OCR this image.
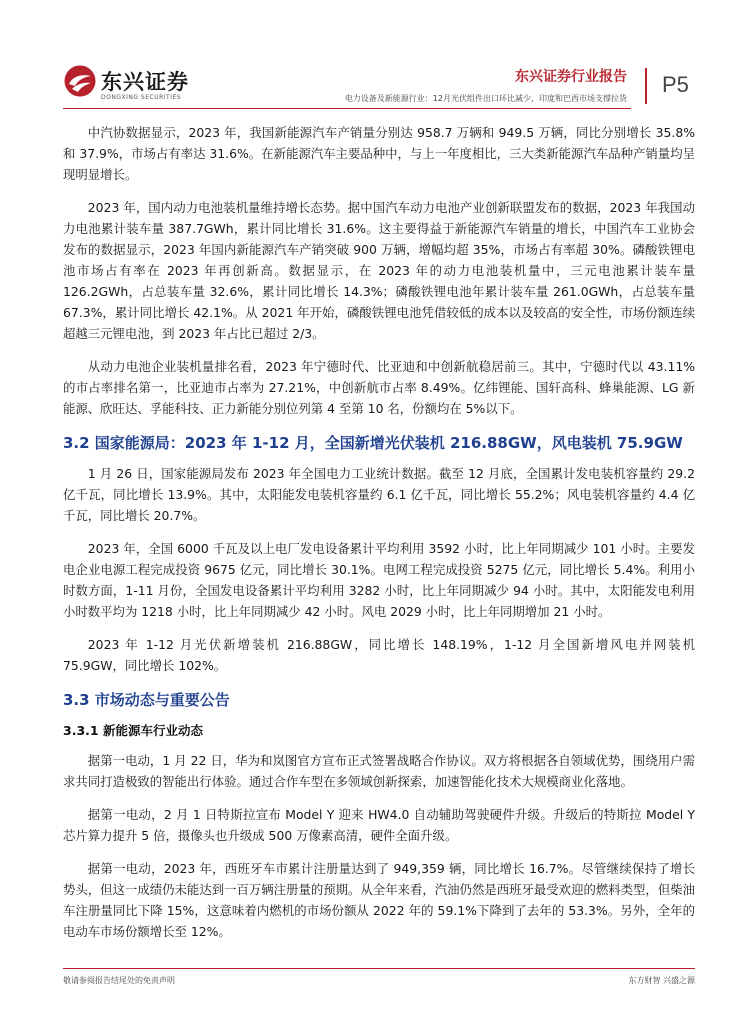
东兴证券
DONGXING SECURITIES
东兴证券行业报告 P5
电力设备及新能源行业：12月光伏组件出口环比减少，印度和巴西市场支撑拉货

中汽协数据显示，2023 年，我国新能源汽车产销量分别达 958.7 万辆和 949.5 万辆，同比分别增长 35.8% 和 37.9%，市场占有率达 31.6%。在新能源汽车主要品种中，与上一年度相比，三大类新能源汽车品种产销量均呈现明显增长。

2023 年，国内动力电池装机量维持增长态势。据中国汽车动力电池产业创新联盟发布的数据，2023 年我国动力电池累计装车量 387.7GWh，累计同比增长 31.6%。这主要得益于新能源汽车销量的增长，中国汽车工业协会发布的数据显示，2023 年国内新能源汽车产销突破 900 万辆，增幅均超 35%，市场占有率超 30%。磷酸铁锂电池市场占有率在 2023 年再创新高。数据显示，在 2023 年的动力电池装机量中，三元电池累计装车量 126.2GWh，占总装车量 32.6%，累计同比增长 14.3%；磷酸铁锂电池年累计装车量 261.0GWh，占总装车量 67.3%，累计同比增长 42.1%。从 2021 年开始，磷酸铁锂电池凭借较低的成本以及较高的安全性，市场份额连续超越三元锂电池，到 2023 年占比已超过 2/3。

从动力电池企业装机量排名看，2023 年宁德时代、比亚迪和中创新航稳居前三。其中，宁德时代以 43.11% 的市占率排名第一，比亚迪市占率为 27.21%，中创新航市占率 8.49%。亿纬锂能、国轩高科、蜂巢能源、LG 新能源、欣旺达、孚能科技、正力新能分别位列第 4 至第 10 名，份额均在 5%以下。

3.2 国家能源局：2023 年 1-12 月，全国新增光伏装机 216.88GW，风电装机 75.9GW

1 月 26 日，国家能源局发布 2023 年全国电力工业统计数据。截至 12 月底，全国累计发电装机容量约 29.2 亿千瓦，同比增长 13.9%。其中，太阳能发电装机容量约 6.1 亿千瓦，同比增长 55.2%；风电装机容量约 4.4 亿千瓦，同比增长 20.7%。

2023 年，全国 6000 千瓦及以上电厂发电设备累计平均利用 3592 小时，比上年同期减少 101 小时。主要发电企业电源工程完成投资 9675 亿元，同比增长 30.1%。电网工程完成投资 5275 亿元，同比增长 5.4%。利用小时数方面，1-11 月份，全国发电设备累计平均利用 3282 小时，比上年同期减少 94 小时。其中，太阳能发电利用小时数平均为 1218 小时，比上年同期减少 42 小时。风电 2029 小时，比上年同期增加 21 小时。

2023 年 1-12 月光伏新增装机 216.88GW，同比增长 148.19%，1-12 月全国新增风电并网装机 75.9GW，同比增长 102%。

3.3 市场动态与重要公告
3.3.1 新能源车行业动态

据第一电动，1 月 22 日，华为和岚图官方宣布正式签署战略合作协议。双方将根据各自领域优势，围绕用户需求共同打造极致的智能出行体验。通过合作车型在多领域创新探索，加速智能化技术大规模商业化落地。

据第一电动，2 月 1 日特斯拉宣布 Model Y 迎来 HW4.0 自动辅助驾驶硬件升级。升级后的特斯拉 Model Y 芯片算力提升 5 倍，摄像头也升级成 500 万像素高清，硬件全面升级。

据第一电动，2023 年，西班牙车市累计注册量达到了 949,359 辆，同比增长 16.7%。尽管继续保持了增长势头，但这一成绩仍未能达到一百万辆注册量的预期。从全年来看，汽油仍然是西班牙最受欢迎的燃料类型，但柴油车注册量同比下降 15%，这意味着内燃机的市场份额从 2022 年的 59.1%下降到了去年的 53.3%。另外，全年的电动车市场份额增长至 12%。

敬请参阅报告结尾处的免责声明	东方财智 兴盛之源
